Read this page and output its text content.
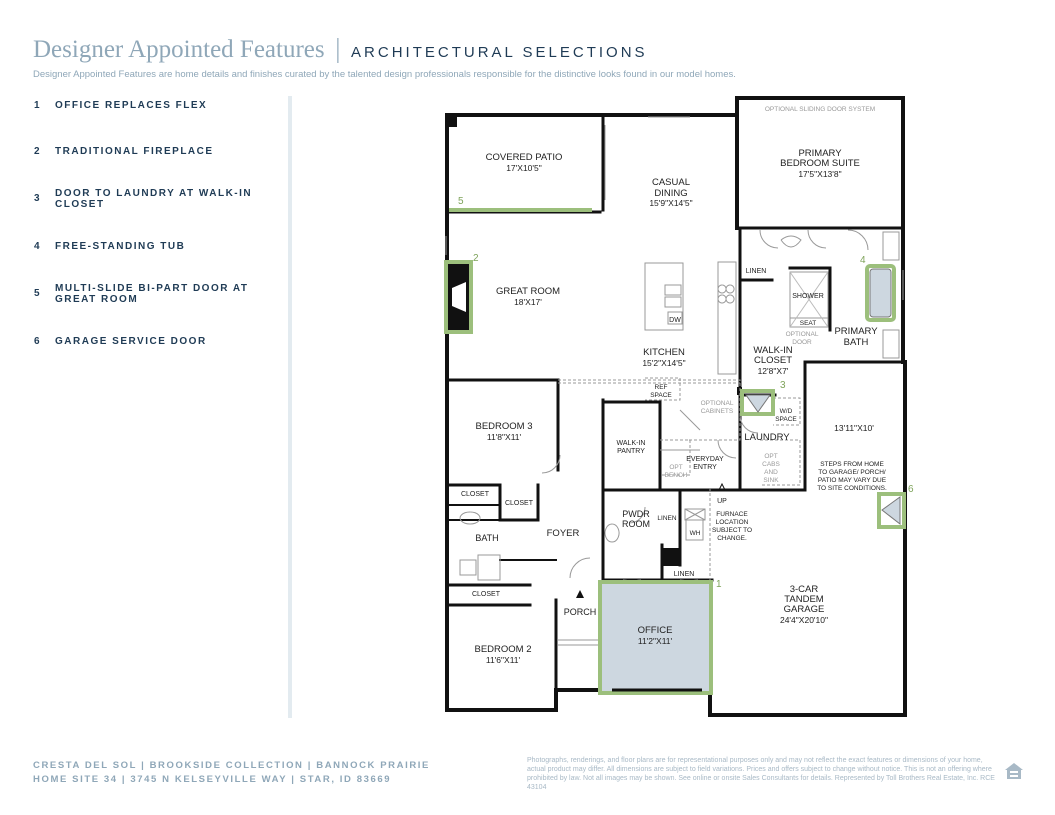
Designer Appointed Features | ARCHITECTURAL SELECTIONS
Designer Appointed Features are home details and finishes curated by the talented design professionals responsible for the distinctive looks found in our model homes.
1	OFFICE REPLACES FLEX
2	TRADITIONAL FIREPLACE
3	DOOR TO LAUNDRY AT WALK-IN CLOSET
4	FREE-STANDING TUB
5	MULTI-SLIDE BI-PART DOOR AT GREAT ROOM
6	GARAGE SERVICE DOOR
1
2
3
4
5
6
COVERED PATIO
17'X10'5"
CASUAL
DINING
15'9"X14'5"
OPTIONAL SLIDING DOOR SYSTEM
PRIMARY
BEDROOM SUITE
17'5"X13'8"
GREAT ROOM
18'X17'
LINEN
SHOWER
SEAT
PRIMARY
BATH
OPTIONAL
DOOR
DW
WALK-IN
CLOSET
12'8"X7'
KITCHEN
15'2"X14'5"
REF
SPACE
OPTIONAL
CABINETS	W/D
SPACE
LAUNDRY
BEDROOM 3
11'8"X11'
WALK-IN
PANTRY
EVERYDAY
ENTRY
OPT
BENCH
OPT
CABS
AND
SINK
13'11"X10'
STEPS FROM HOME
TO GARAGE/ PORCH/
PATIO MAY VARY DUE
TO SITE CONDITIONS.
CLOSET
CLOSET	UP
PWDR
ROOM
LINEN
FURNACE
LOCATION
SUBJECT TO
CHANGE.
WH
BATH	FOYER
CLOSET
PORCH
OFFICE
11'2"X11'
3-CAR
TANDEM
GARAGE
24'4"X20'10"
BEDROOM 2
11'6"X11'
LINEN
CRESTA DEL SOL | BROOKSIDE COLLECTION | BANNOCK PRAIRIE
HOME SITE 34 | 3745 N KELSEYVILLE WAY | STAR, ID 83669
Photographs, renderings, and floor plans are for representational purposes only and may not reflect the exact features or dimensions of your home, actual product may differ. All dimensions are subject to field variations. Prices and offers subject to change without notice. This is not an offering where prohibited by law. Not all images may be shown. See online or onsite Sales Consultants for details. Represented by Toll Brothers Real Estate, Inc. RCE 43104
